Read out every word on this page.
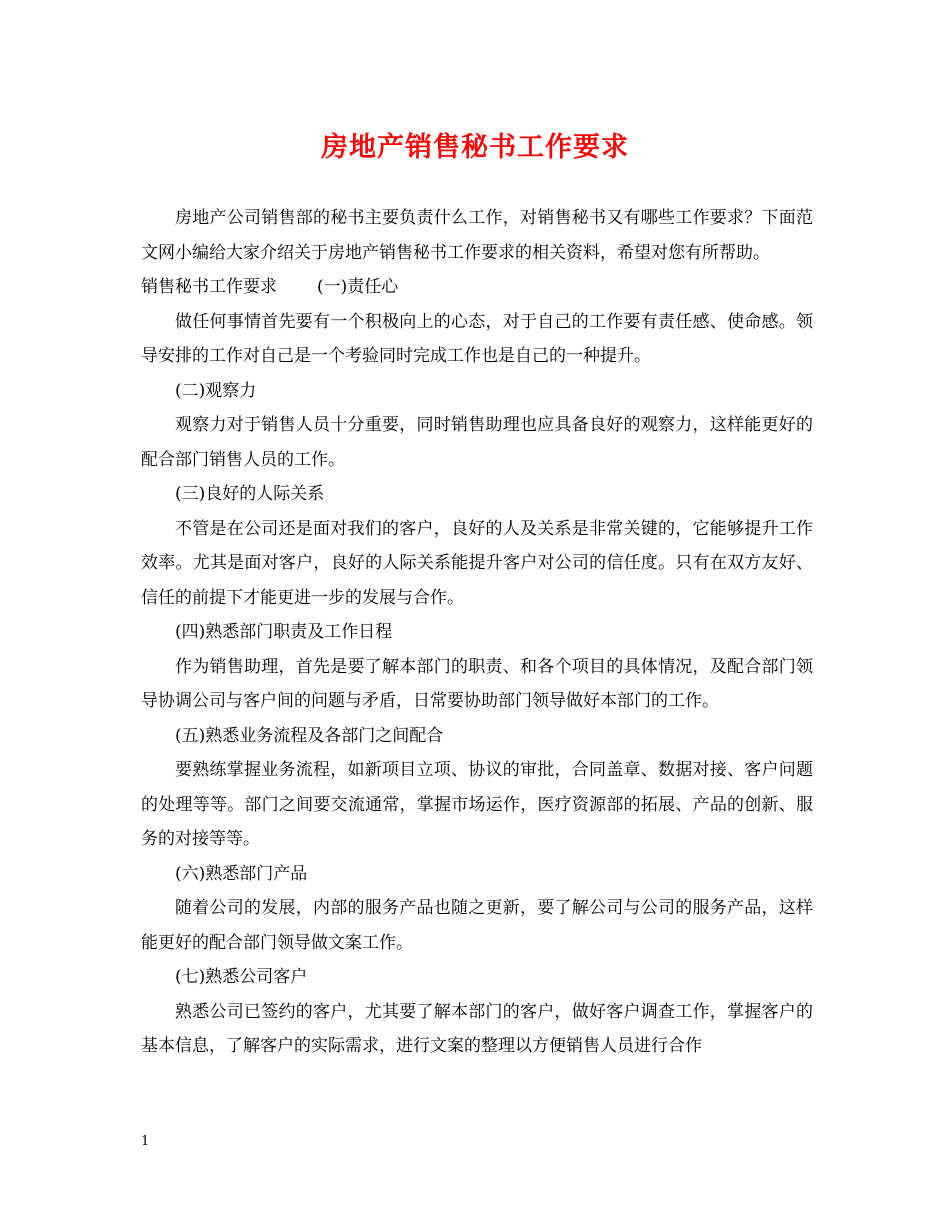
房地产销售秘书工作要求

房地产公司销售部的秘书主要负责什么工作，对销售秘书又有哪些工作要求？下面范文网小编给大家介绍关于房地产销售秘书工作要求的相关资料，希望对您有所帮助。

销售秘书工作要求 (一)责任心

做任何事情首先要有一个积极向上的心态，对于自己的工作要有责任感、使命感。领导安排的工作对自己是一个考验同时完成工作也是自己的一种提升。

(二)观察力

观察力对于销售人员十分重要，同时销售助理也应具备良好的观察力，这样能更好的配合部门销售人员的工作。

(三)良好的人际关系

不管是在公司还是面对我们的客户，良好的人及关系是非常关键的，它能够提升工作效率。尤其是面对客户，良好的人际关系能提升客户对公司的信任度。只有在双方友好、信任的前提下才能更进一步的发展与合作。

(四)熟悉部门职责及工作日程

作为销售助理，首先是要了解本部门的职责、和各个项目的具体情况，及配合部门领导协调公司与客户间的问题与矛盾，日常要协助部门领导做好本部门的工作。

(五)熟悉业务流程及各部门之间配合

要熟练掌握业务流程，如新项目立项、协议的审批，合同盖章、数据对接、客户问题的处理等等。部门之间要交流通常，掌握市场运作，医疗资源部的拓展、产品的创新、服务的对接等等。

(六)熟悉部门产品

随着公司的发展，内部的服务产品也随之更新，要了解公司与公司的服务产品，这样能更好的配合部门领导做文案工作。

(七)熟悉公司客户

熟悉公司已签约的客户，尤其要了解本部门的客户，做好客户调查工作，掌握客户的基本信息，了解客户的实际需求，进行文案的整理以方便销售人员进行合作

1
